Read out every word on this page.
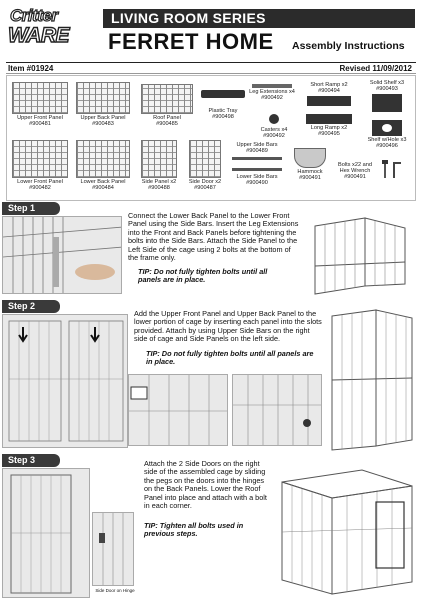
Critter
WARE
LIVING ROOM SERIES
FERRET HOME Assembly Instructions
Item #01924	Revised 11/09/2012
Upper Front Panel
#900481
Upper Back Panel
#900483
Roof Panel
#900485
Plastic Tray
#900498
Leg Extensions x4
#900492
Casters x4
#900492
Short Ramp x2
#900494
Long Ramp x2
#900495
Solid Shelf x3
#900493
Shelf w/Hole x3
#900496
Lower Front Panel
#900482
Lower Back Panel
#900484
Side Panel x2
#900488
Side Door x2
#900487
Upper Side Bars
#900489
Lower Side Bars
#900490
Hammock
#900491
Bolts x22 and Hex Wrench
#900491
Step 1
Connect the Lower Back Panel to the Lower Front Panel using the Side Bars. Insert the Leg Extensions into the Front and Back Panels before tightening the bolts into the Side Bars. Attach the Side Panel to the Left Side of the cage using 2 bolts at the bottom of the frame only.
TIP: Do not fully tighten bolts until all panels are in place.
Step 2
Add the Upper Front Panel and Upper Back Panel to the lower portion of cage by inserting each panel into the slots provided. Attach by using Upper Side Bars on the right side of cage and Side Panels on the left side.
TIP: Do not fully tighten bolts until all panels are in place.
Step 3
Side Door on Hinge
Attach the 2 Side Doors on the right side of the assembled cage by sliding the pegs on the doors into the hinges on the Back Panels. Lower the Roof Panel into place and attach with a bolt in each corner.
TIP: Tighten all bolts used in previous steps.
